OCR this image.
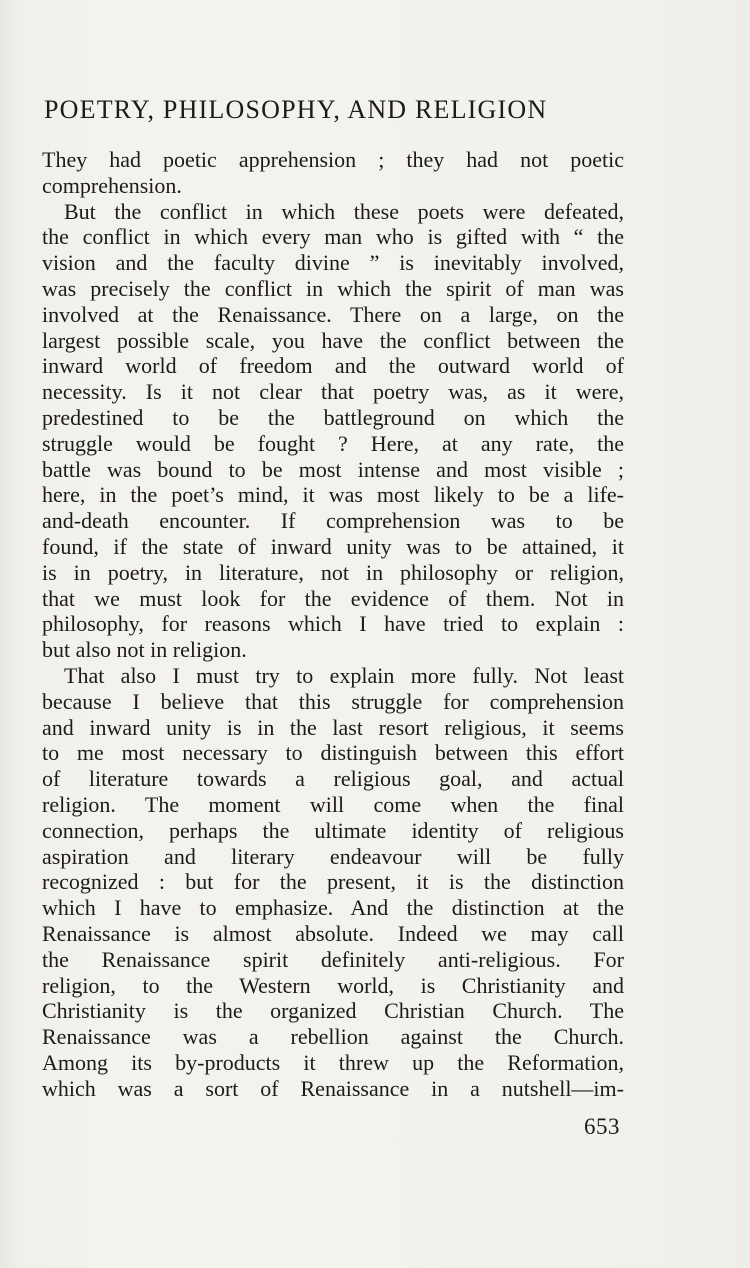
POETRY, PHILOSOPHY, AND RELIGION
They had poetic apprehension ; they had not poetic
comprehension.
But the conflict in which these poets were defeated,
the conflict in which every man who is gifted with “ the
vision and the faculty divine ” is inevitably involved,
was precisely the conflict in which the spirit of man was
involved at the Renaissance. There on a large, on the
largest possible scale, you have the conflict between the
inward world of freedom and the outward world of
necessity. Is it not clear that poetry was, as it were,
predestined to be the battleground on which the
struggle would be fought ? Here, at any rate, the
battle was bound to be most intense and most visible ;
here, in the poet’s mind, it was most likely to be a life-
and-death encounter. If comprehension was to be
found, if the state of inward unity was to be attained, it
is in poetry, in literature, not in philosophy or religion,
that we must look for the evidence of them. Not in
philosophy, for reasons which I have tried to explain :
but also not in religion.
That also I must try to explain more fully. Not least
because I believe that this struggle for comprehension
and inward unity is in the last resort religious, it seems
to me most necessary to distinguish between this effort
of literature towards a religious goal, and actual
religion. The moment will come when the final
connection, perhaps the ultimate identity of religious
aspiration and literary endeavour will be fully
recognized : but for the present, it is the distinction
which I have to emphasize. And the distinction at the
Renaissance is almost absolute. Indeed we may call
the Renaissance spirit definitely anti-religious. For
religion, to the Western world, is Christianity and
Christianity is the organized Christian Church. The
Renaissance was a rebellion against the Church.
Among its by-products it threw up the Reformation,
which was a sort of Renaissance in a nutshell—im-
653
